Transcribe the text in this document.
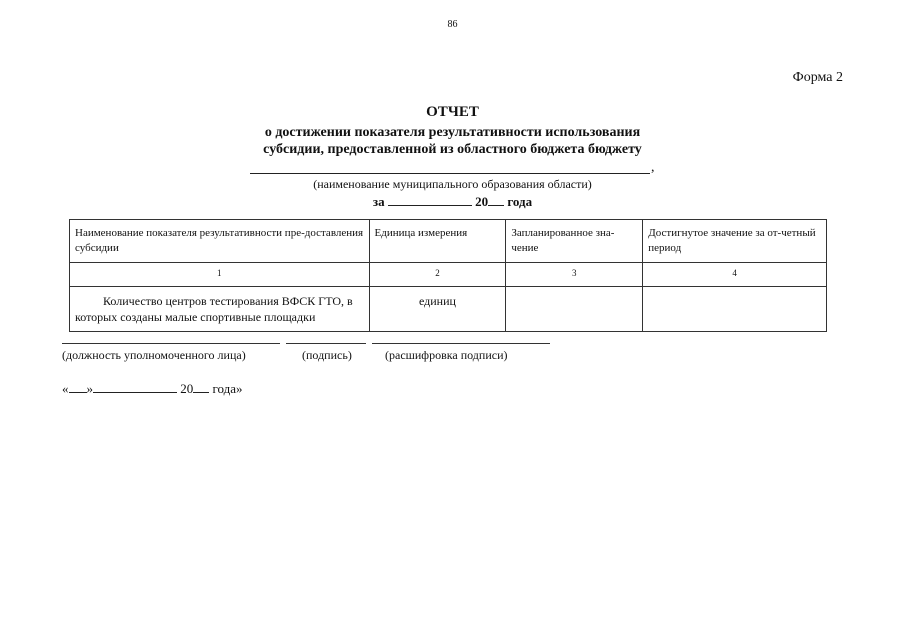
86
Форма 2
ОТЧЕТ
о достижении показателя результативности использования
субсидии, предоставленной из областного бюджета бюджету
,
(наименование муниципального образования области)
за	20 года
Наименование показателя результативности пре-доставления субсидии	Единица измерения	Запланированное зна-чение	Достигнутое значение за от-четный период
1	2	3	4
Количество центров тестирования ВФСК ГТО, в которых созданы малые спортивные площадки	единиц		
(должность уполномоченного лица)	(подпись)	(расшифровка подписи)
« »	20 года»
